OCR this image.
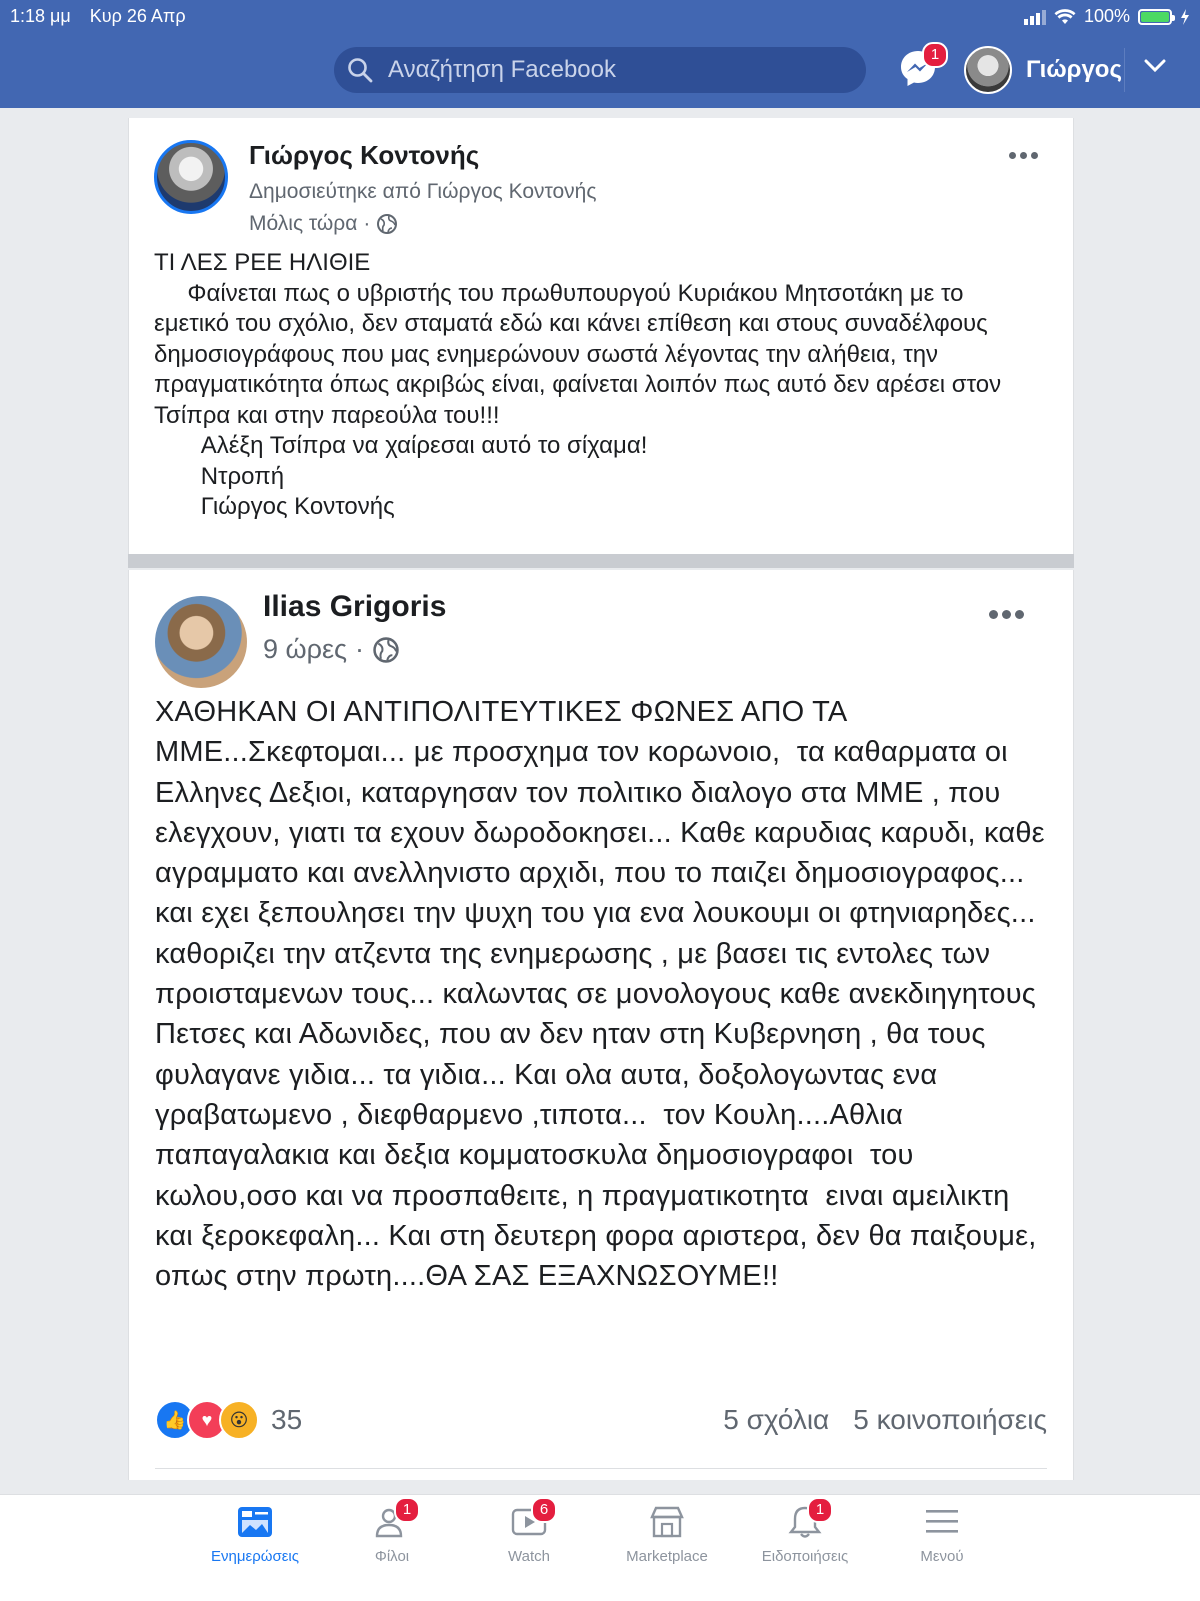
1:18 μμ Κυρ 26 Απρ	100%
Αναζήτηση Facebook
1
Γιώργος
Γιώργος Κοντονής
Δημοσιεύτηκε από Γιώργος Κοντονής
Μόλις τώρα ·
ΤΙ ΛΕΣ ΡΕΕ ΗΛΙΘΙΕ
Φαίνεται πως ο υβριστής του πρωθυπουργού Κυριάκου Μητσοτάκη με το εμετικό του σχόλιο, δεν σταματά εδώ και κάνει επίθεση και στους συναδέλφους δημοσιογράφους που μας ενημερώνουν σωστά λέγοντας την αλήθεια, την πραγματικότητα όπως ακριβώς είναι, φαίνεται λοιπόν πως αυτό δεν αρέσει στον Τσίπρα και στην παρεούλα του!!!
Αλέξη Τσίπρα να χαίρεσαι αυτό το σίχαμα!
Ντροπή
Γιώργος Κοντονής
Ilias Grigoris
9 ώρες ·
ΧΑΘΗΚΑΝ ΟΙ ΑΝΤΙΠΟΛΙΤΕΥΤΙΚΕΣ ΦΩΝΕΣ ΑΠΟ ΤΑ ΜΜΕ...Σκεφτομαι... με προσχημα τον κορωνοιο,  τα καθαρματα οι Ελληνες Δεξιοι, καταργησαν τον πολιτικο διαλογο στα ΜΜΕ , που ελεγχουν, γιατι τα εχουν δωροδοκησει... Καθε καρυδιας καρυδι, καθε αγραμματο και ανελληνιστο αρχιδι, που το παιζει δημοσιογραφος... και εχει ξεπουλησει την ψυχη του για ενα λουκουμι οι φτηνιαρηδες... καθοριζει την ατζεντα της ενημερωσης , με βασει τις εντολες των προισταμενων τους... καλωντας σε μονολογους καθε ανεκδιηγητους Πετσες και Αδωνιδες, που αν δεν ηταν στη Κυβερνηση , θα τους φυλαγανε γιδια... τα γιδια... Και ολα αυτα, δοξολογωντας ενα γραβατωμενο , διεφθαρμενο ,τιποτα...  τον Κουλη....Αθλια παπαγαλακια και δεξια κομματοσκυλα δημοσιογραφοι  του κωλου,οσο και να προσπαθειτε, η πραγματικοτητα  ειναι αμειλικτη και ξεροκεφαλη... Και στη δευτερη φορα αριστερα, δεν θα παιξουμε, οπως στην πρωτη....ΘΑ ΣΑΣ ΕΞΑΧΝΩΣΟΥΜΕ!!
👍 ♥ 😮 35	5 σχόλια 5 κοινοποιήσεις
Ενημερώσεις
1
Φίλοι
6
Watch	Marketplace
1
Ειδοποιήσεις	Μενού
